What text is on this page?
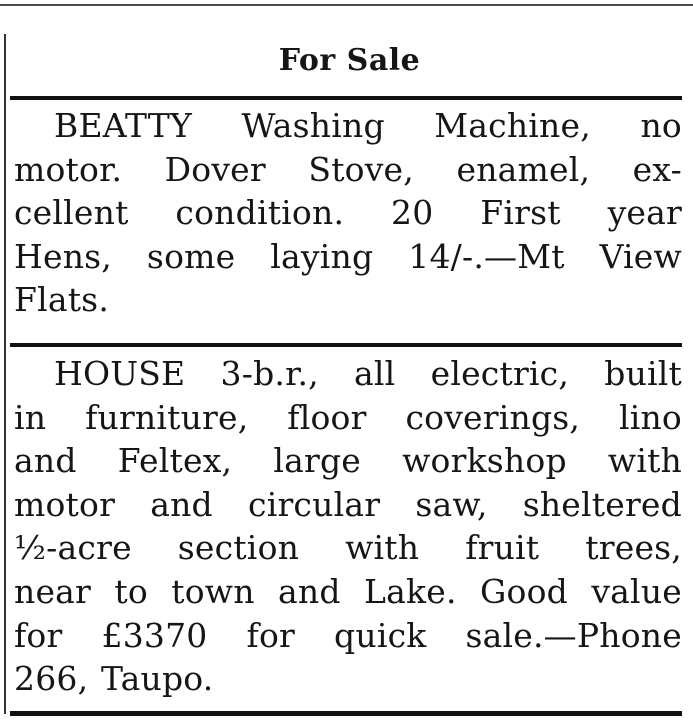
For Sale
BEATTY Washing Machine, no
motor. Dover Stove, enamel, ex-
cellent condition. 20 First year
Hens, some laying 14/-.—Mt View
Flats.
HOUSE 3-b.r., all electric, built
in furniture, floor coverings, lino
and Feltex, large workshop with
motor and circular saw, sheltered
½-acre section with fruit trees,
near to town and Lake. Good value
for £3370 for quick sale.—Phone
266, Taupo.
